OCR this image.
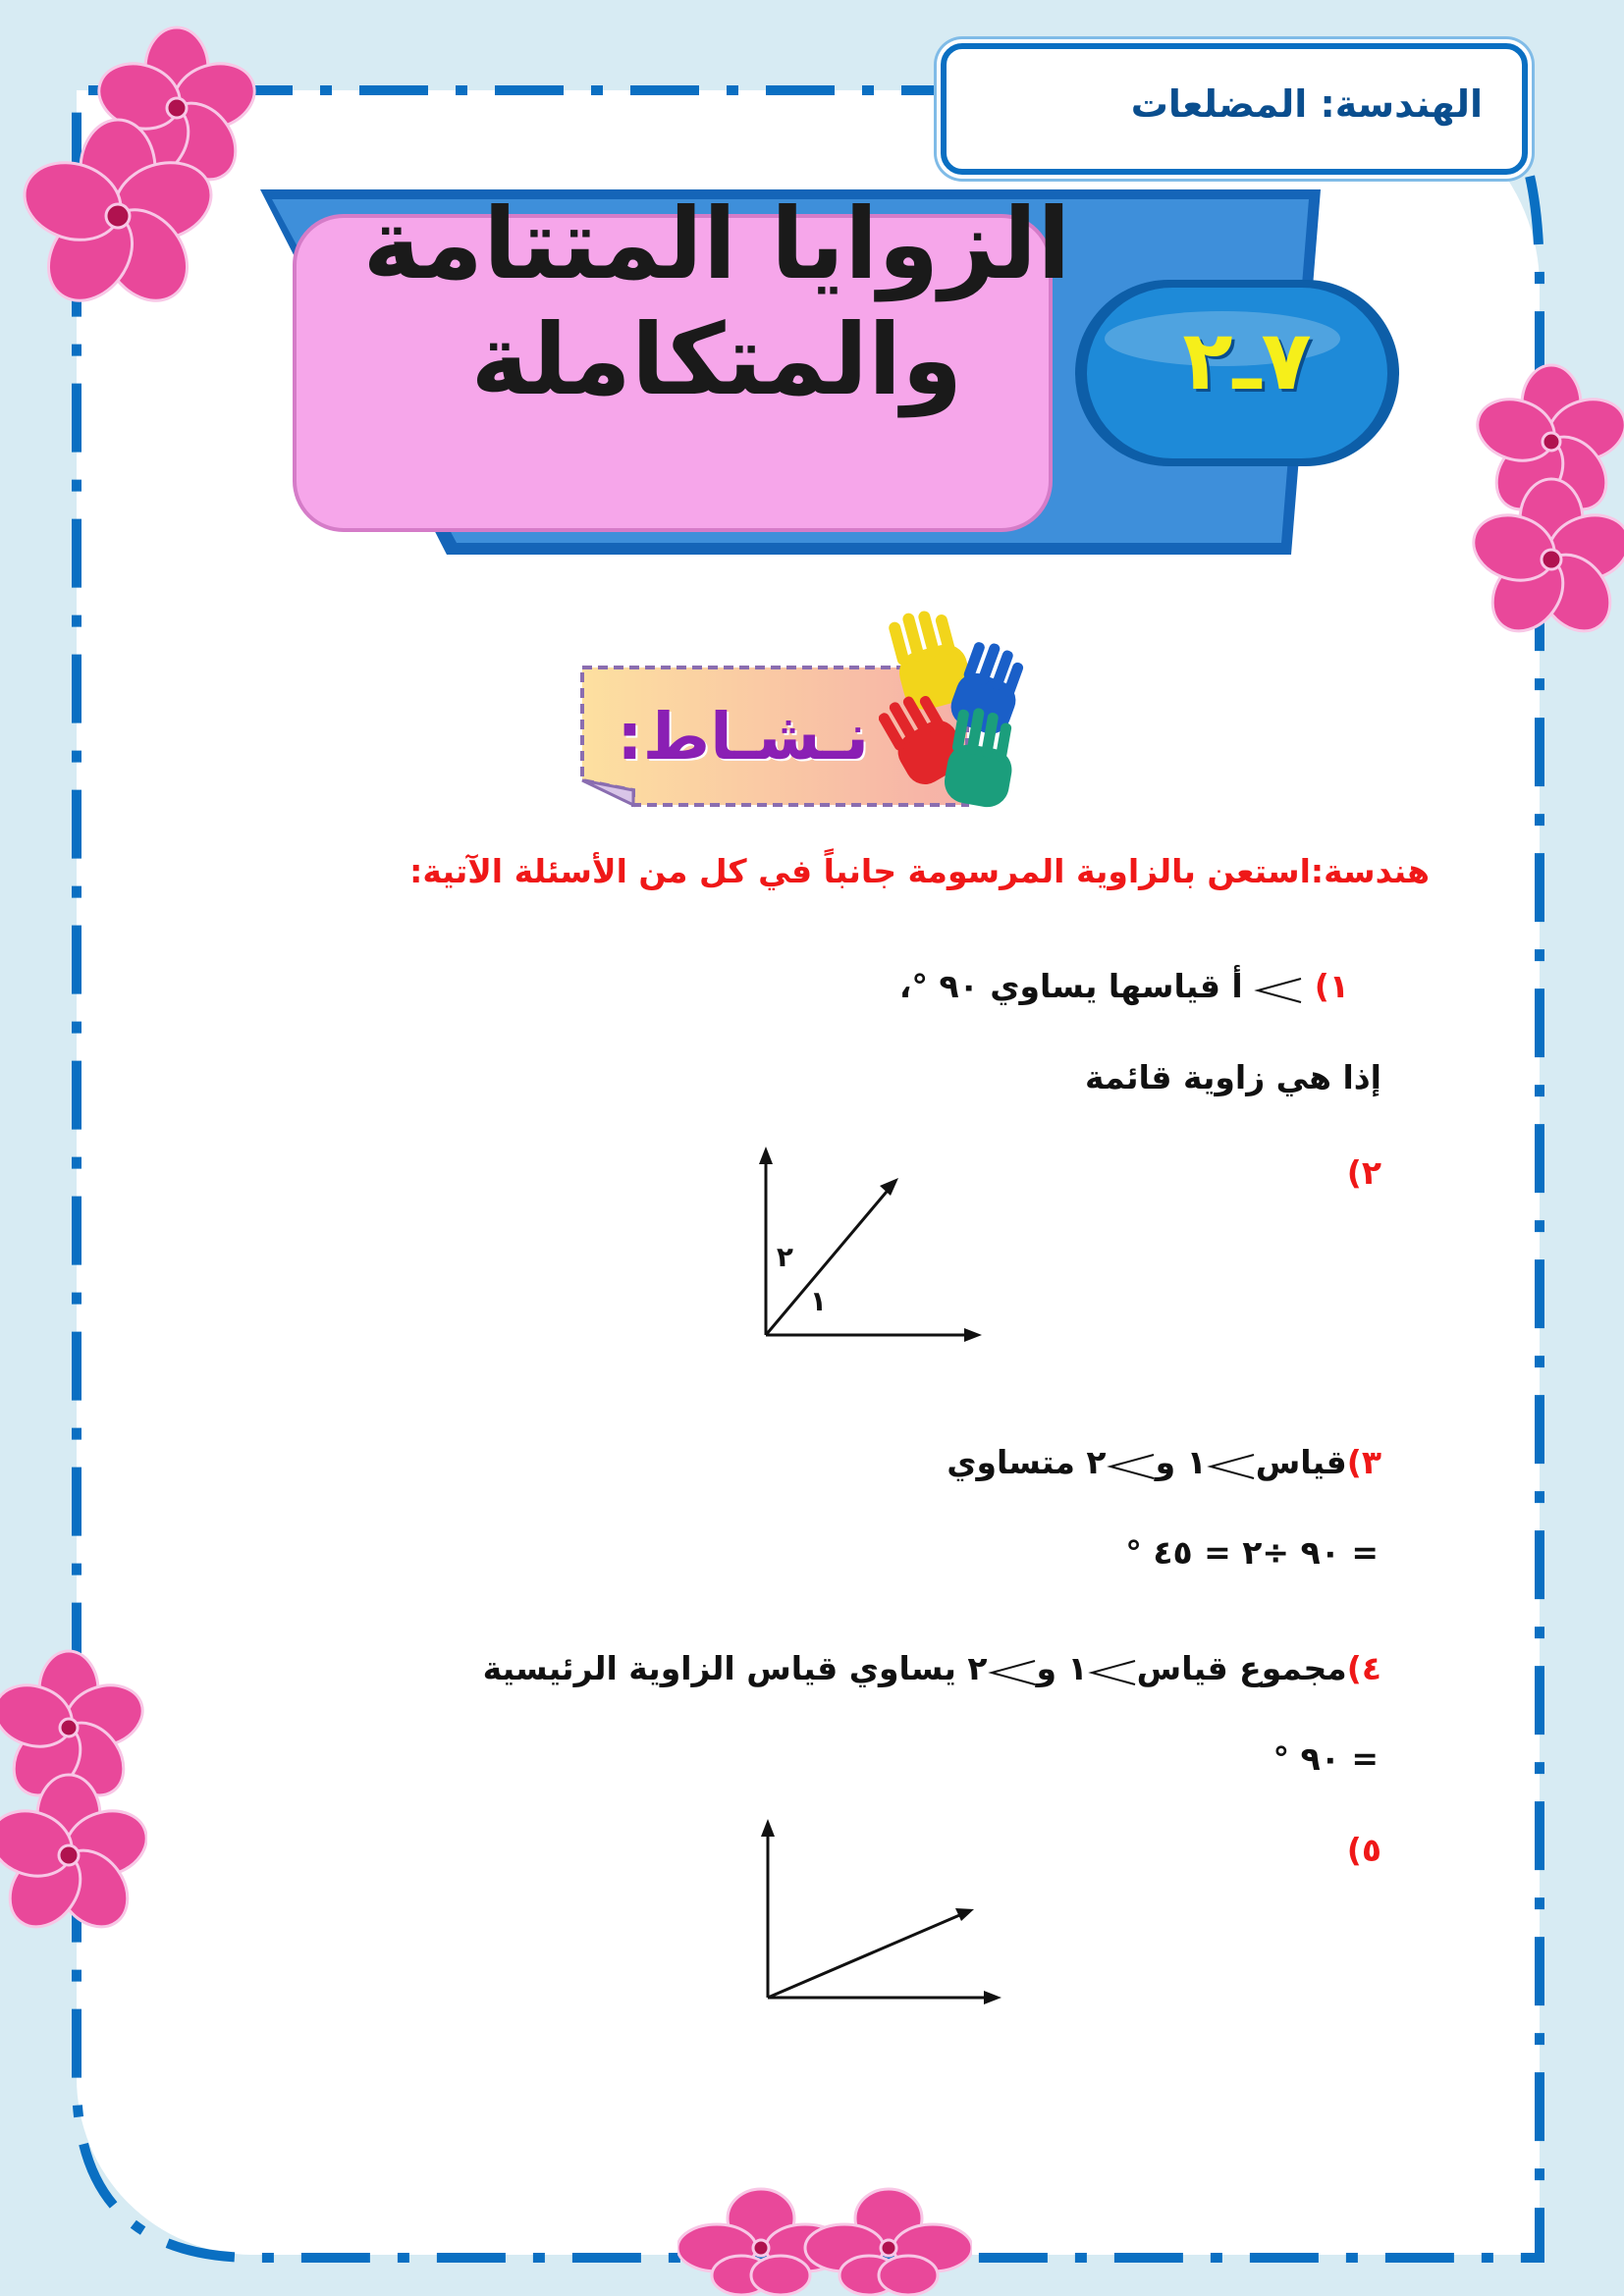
الهندسة: المضلعات
الزوايا المتتامة
والمتكاملة	٧ـ٢
نـشـاط:
هندسة:استعن بالزاوية المرسومة جانباً في كل من الأسئلة الآتية:
١)  أ قياسها يساوي ٩٠ °،
إذا هي زاوية قائمة
٢)
٢
١
٣)قياس١ و٢ متساوي
= ٩٠ ÷٢ = ٤٥ °
٤)مجموع قياس١ و٢ يساوي قياس الزاوية الرئيسية
= ٩٠ °
٥)
